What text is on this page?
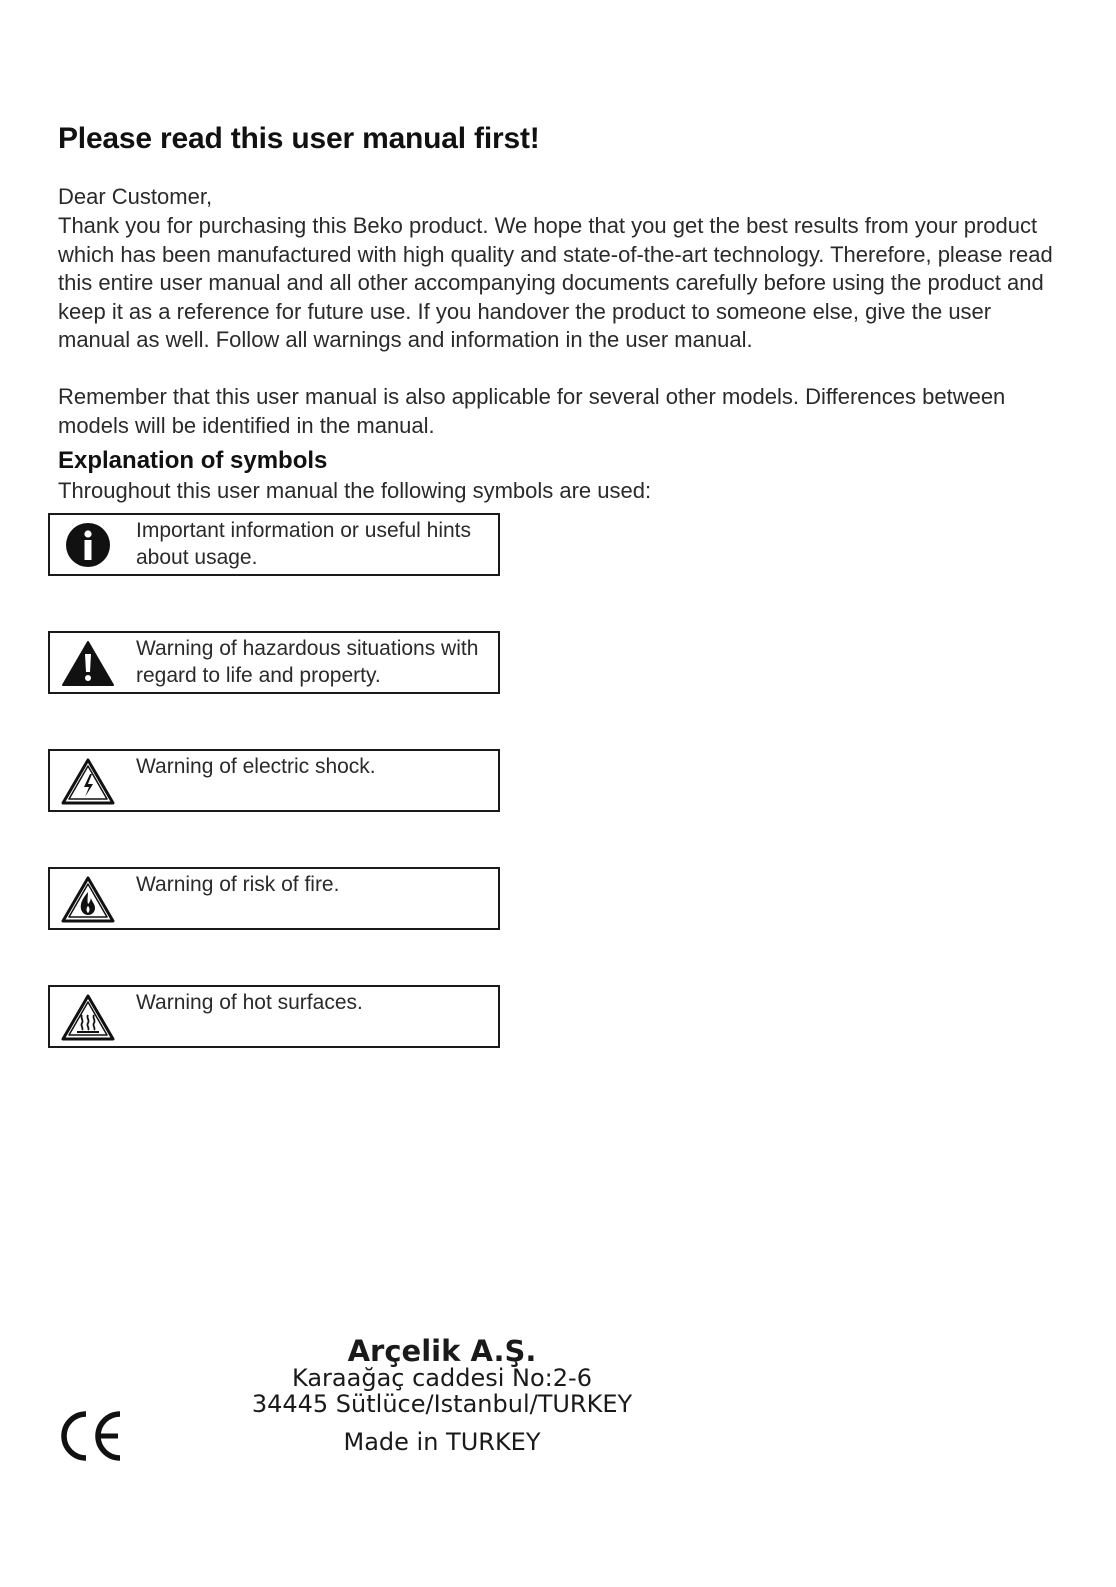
Please read this user manual first!

Dear Customer,

Thank you for purchasing this Beko product. We hope that you get the best results from your product which has been manufactured with high quality and state-of-the-art technology. Therefore, please read this entire user manual and all other accompanying documents carefully before using the product and keep it as a reference for future use. If you handover the product to someone else, give the user manual as well. Follow all warnings and information in the user manual.

Remember that this user manual is also applicable for several other models. Differences between models will be identified in the manual.

Explanation of symbols

Throughout this user manual the following symbols are used:

Important information or useful hints about usage.
Warning of hazardous situations with regard to life and property.
Warning of electric shock.
Warning of risk of fire.
Warning of hot surfaces.
Arçelik A.Ş.
Karaağaç caddesi No:2-6
34445 Sütlüce/Istanbul/TURKEY
Made in TURKEY
